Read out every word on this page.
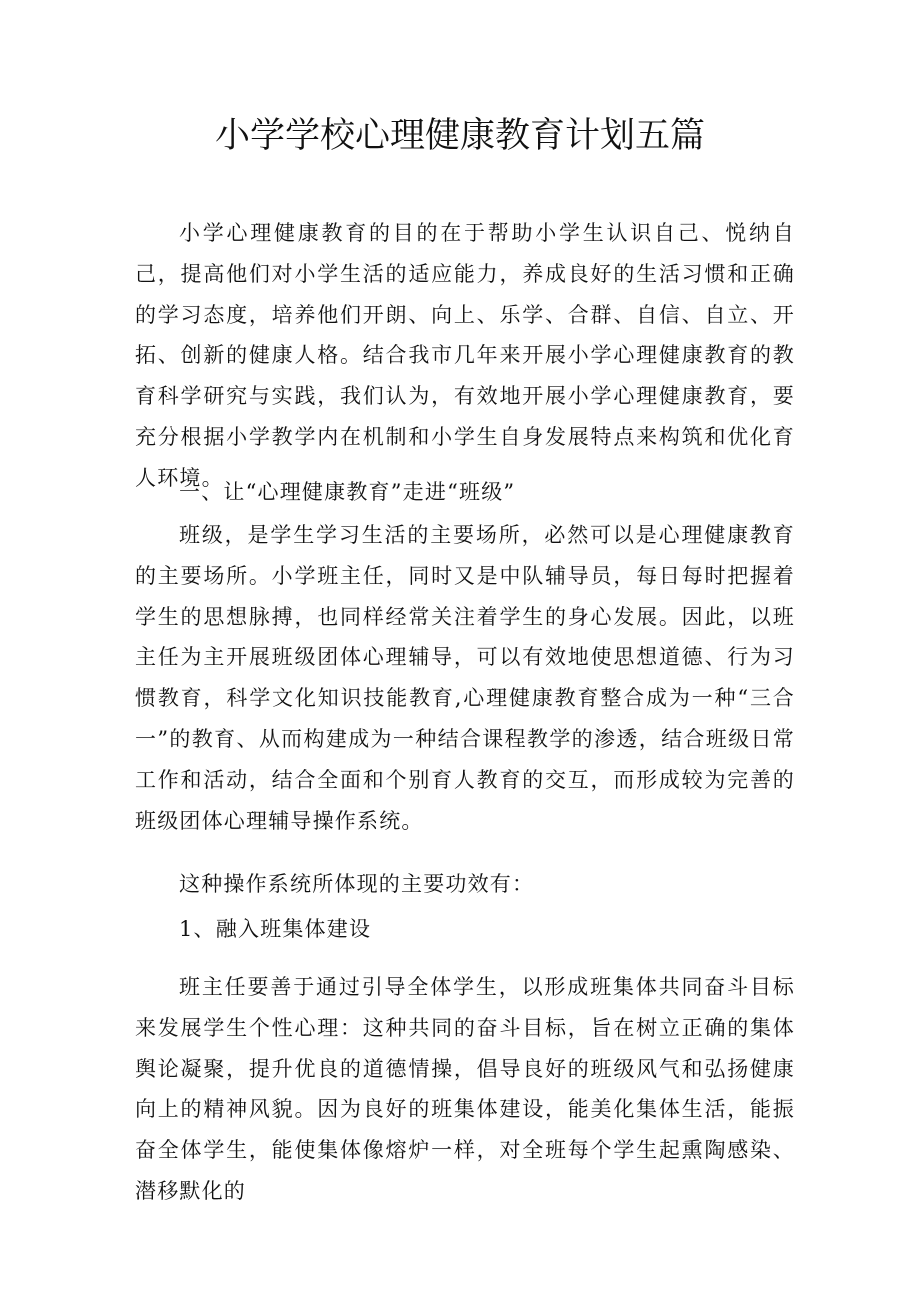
小学学校心理健康教育计划五篇

小学心理健康教育的目的在于帮助小学生认识自己、悦纳自己，提高他们对小学生活的适应能力，养成良好的生活习惯和正确的学习态度，培养他们开朗、向上、乐学、合群、自信、自立、开拓、创新的健康人格。结合我市几年来开展小学心理健康教育的教育科学研究与实践，我们认为，有效地开展小学心理健康教育，要充分根据小学教学内在机制和小学生自身发展特点来构筑和优化育人环境。

一、让“心理健康教育”走进“班级”

班级，是学生学习生活的主要场所，必然可以是心理健康教育的主要场所。小学班主任，同时又是中队辅导员，每日每时把握着学生的思想脉搏，也同样经常关注着学生的身心发展。因此，以班主任为主开展班级团体心理辅导，可以有效地使思想道德、行为习惯教育，科学文化知识技能教育,心理健康教育整合成为一种“三合一”的教育、从而构建成为一种结合课程教学的渗透，结合班级日常工作和活动，结合全面和个别育人教育的交互，而形成较为完善的班级团体心理辅导操作系统。

这种操作系统所体现的主要功效有：

1、融入班集体建设

班主任要善于通过引导全体学生，以形成班集体共同奋斗目标来发展学生个性心理：这种共同的奋斗目标，旨在树立正确的集体舆论凝聚，提升优良的道德情操，倡导良好的班级风气和弘扬健康向上的精神风貌。因为良好的班集体建设，能美化集体生活，能振奋全体学生，能使集体像熔炉一样，对全班每个学生起熏陶感染、潜移默化的
